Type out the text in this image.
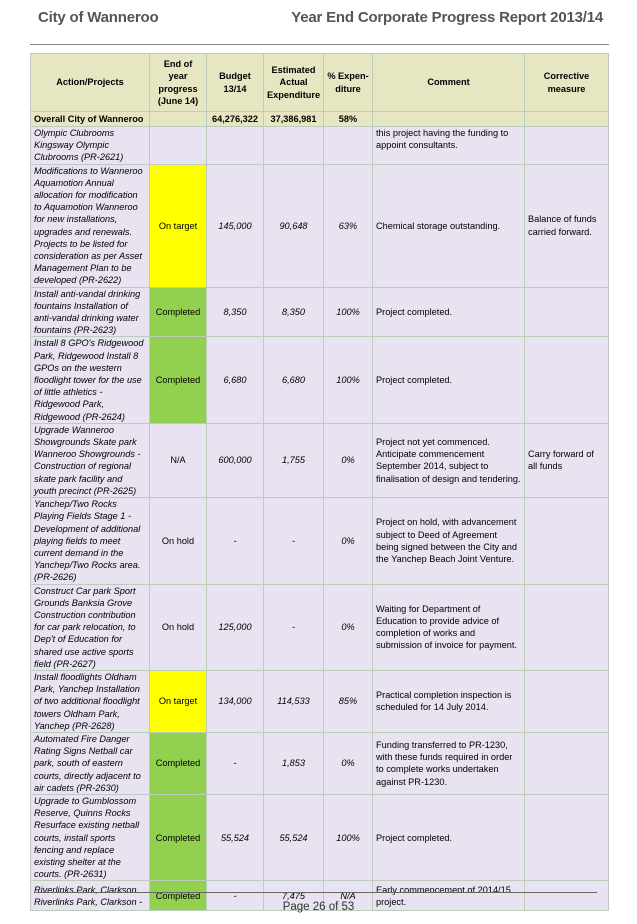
City of Wanneroo	Year End Corporate Progress Report 2013/14
Action/Projects	End of year progress (June 14)	Budget 13/14	Estimated Actual Expenditure	% Expen-diture	Comment	Corrective measure
Overall City of Wanneroo		64,276,322	37,386,981	58%		
Olympic Clubrooms Kingsway Olympic Clubrooms (PR-2621)					this project having the funding to appoint consultants.	
Modifications to Wanneroo Aquamotion Annual allocation for modification to Aquamotion Wanneroo for new installations, upgrades and renewals. Projects to be listed for consideration as per Asset Management Plan to be developed (PR-2622)	On target	145,000	90,648	63%	Chemical storage outstanding.	Balance of funds carried forward.
Install anti-vandal drinking fountains Installation of anti-vandal drinking water fountains (PR-2623)	Completed	8,350	8,350	100%	Project completed.	
Install 8 GPO's Ridgewood Park, Ridgewood Install 8 GPOs on the western floodlight tower for the use of little athletics - Ridgewood Park, Ridgewood (PR-2624)	Completed	6,680	6,680	100%	Project completed.	
Upgrade Wanneroo Showgrounds Skate park Wanneroo Showgrounds - Construction of regional skate park facility and youth precinct (PR-2625)	N/A	600,000	1,755	0%	Project not yet commenced. Anticipate commencement September 2014, subject to finalisation of design and tendering.	Carry forward of all funds
Yanchep/Two Rocks Playing Fields Stage 1 - Development of additional playing fields to meet current demand in the Yanchep/Two Rocks area. (PR-2626)	On hold	-	-	0%	Project on hold, with advancement subject to Deed of Agreement being signed between the City and the Yanchep Beach Joint Venture.	
Construct Car park Sport Grounds Banksia Grove Construction contribution for car park relocation, to Dep't of Education for shared use active sports field (PR-2627)	On hold	125,000	-	0%	Waiting for Department of Education to provide advice of completion of works and submission of invoice for payment.	
Install floodlights Oldham Park, Yanchep Installation of two additional floodlight towers Oldham Park, Yanchep (PR-2628)	On target	134,000	114,533	85%	Practical completion inspection is scheduled for 14 July 2014.	
Automated Fire Danger Rating Signs Netball car park, south of eastern courts, directly adjacent to air cadets (PR-2630)	Completed	-	1,853	0%	Funding transferred to PR-1230, with these funds required in order to complete works undertaken against PR-1230.	
Upgrade to Gumblossom Reserve, Quinns Rocks Resurface existing netball courts, install sports fencing and replace existing shelter at the courts. (PR-2631)	Completed	55,524	55,524	100%	Project completed.	
Riverlinks Park, Clarkson Riverlinks Park, Clarkson -	Completed	-	7,475	N/A	Early commencement of 2014/15 project.	
Page 26 of 53
